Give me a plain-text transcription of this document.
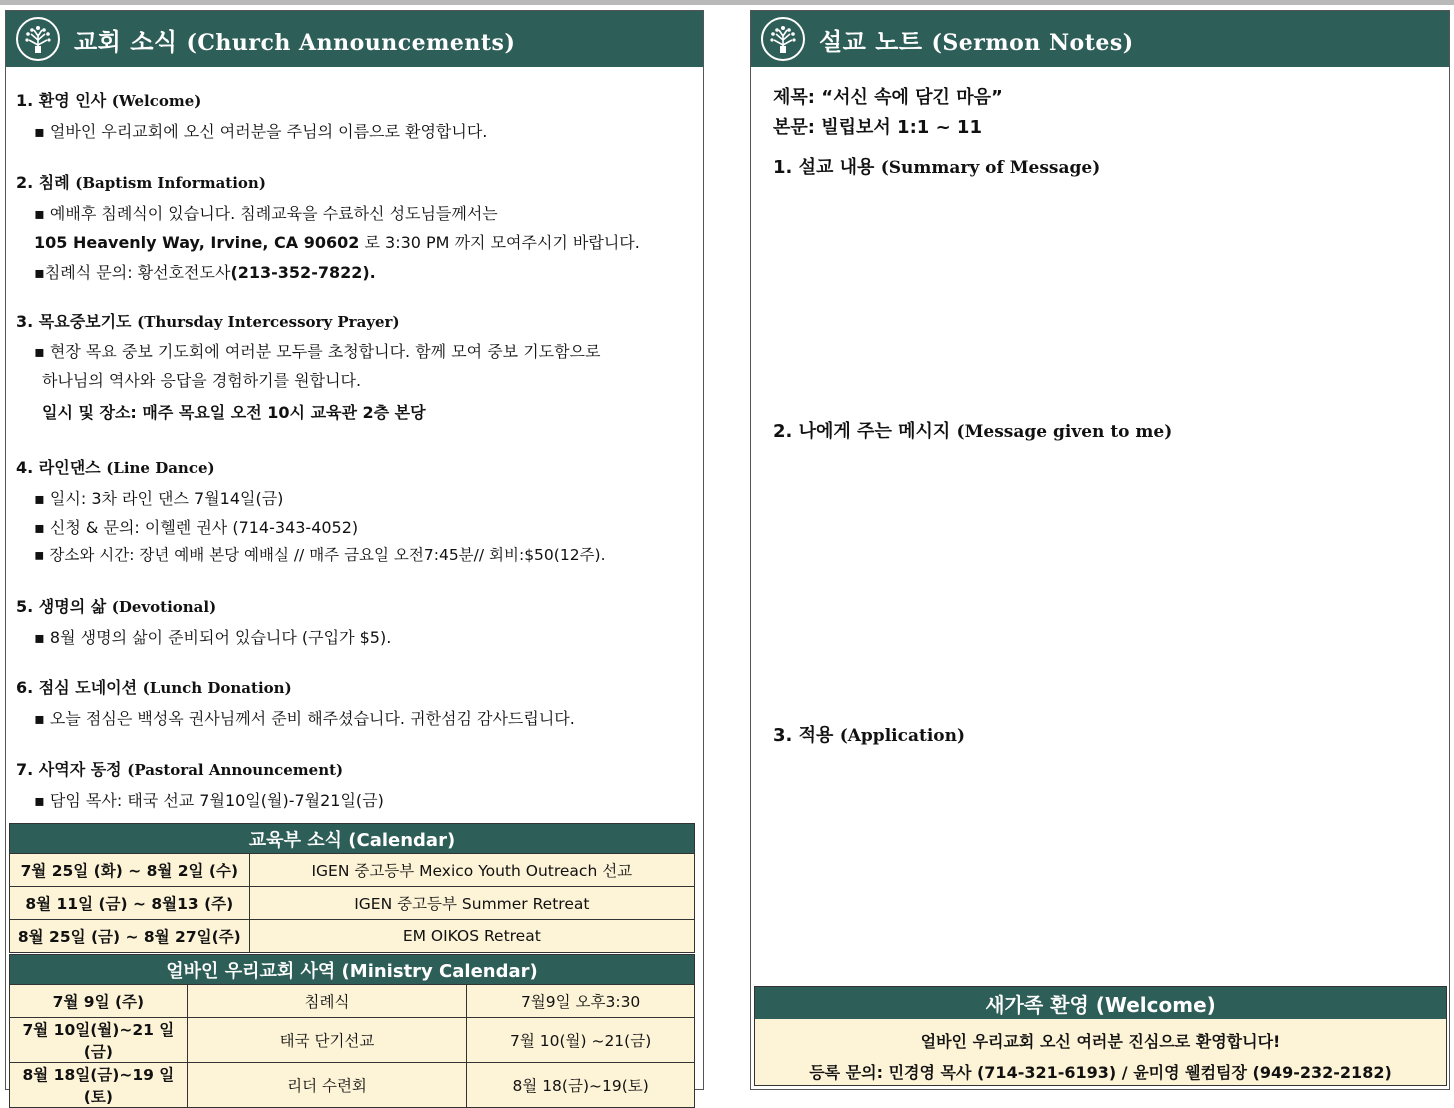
교회 소식 (Church Announcements)
1. 환영 인사 (Welcome)
▪ 얼바인 우리교회에 오신 여러분을 주님의 이름으로 환영합니다.
2. 침례 (Baptism Information)
▪ 예배후 침례식이 있습니다. 침례교육을 수료하신 성도님들께서는
105 Heavenly Way, Irvine, CA 90602 로 3:30 PM 까지 모여주시기 바랍니다.
▪침례식 문의: 황선호전도사(213-352-7822).
3. 목요중보기도 (Thursday Intercessory Prayer)
▪ 현장 목요 중보 기도회에 여러분 모두를 초청합니다. 함께 모여 중보 기도함으로
하나님의 역사와 응답을 경험하기를 원합니다.
일시 및 장소: 매주 목요일 오전 10시 교육관 2층 본당
4. 라인댄스 (Line Dance)
▪ 일시: 3차 라인 댄스 7월14일(금)
▪ 신청 & 문의: 이헬렌 권사 (714-343-4052)
▪ 장소와 시간: 장년 예배 본당 예배실 // 매주 금요일 오전7:45분// 회비:$50(12주).
5. 생명의 삶 (Devotional)
▪ 8월 생명의 삶이 준비되어 있습니다 (구입가 $5).
6. 점심 도네이션 (Lunch Donation)
▪ 오늘 점심은 백성옥 권사님께서 준비 해주셨습니다. 귀한섬김 감사드립니다.
7. 사역자 동정 (Pastoral Announcement)
▪ 담임 목사: 태국 선교 7월10일(월)-7월21일(금)
교육부 소식 (Calendar)	
7월 25일 (화) ~ 8월 2일 (수)	IGEN 중고등부 Mexico Youth Outreach 선교
8월 11일 (금) ~ 8월13 (주)	IGEN 중고등부 Summer Retreat
8월 25일 (금) ~ 8월 27일(주)	EM OIKOS Retreat
얼바인 우리교회 사역 (Ministry Calendar)		
7월 9일 (주)	침례식	7월9일 오후3:30
7월 10일(월)~21 일(금)	태국 단기선교	7월 10(월) ~21(금)
8월 18일(금)~19 일(토)	리더 수련회	8월 18(금)~19(토)
설교 노트 (Sermon Notes)
제목: “서신 속에 담긴 마음”
본문: 빌립보서 1:1 ~ 11
1. 설교 내용 (Summary of Message)
2. 나에게 주는 메시지 (Message given to me)
3. 적용 (Application)
새가족 환영 (Welcome)
얼바인 우리교회 오신 여러분 진심으로 환영합니다!
등록 문의: 민경영 목사 (714-321-6193) / 윤미영 웰컴팀장 (949-232-2182)
